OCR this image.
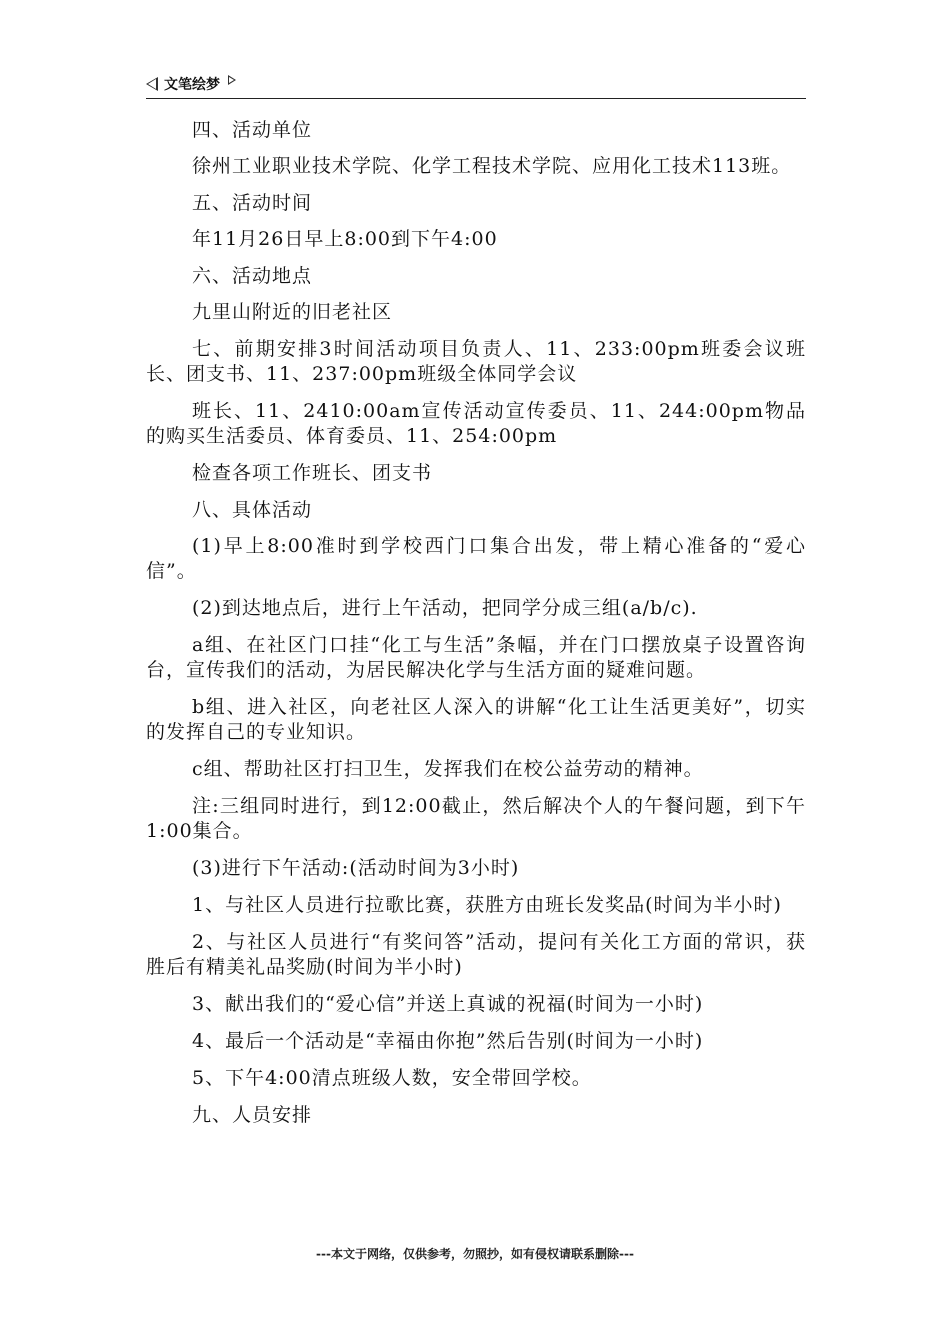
文笔绘梦

四、活动单位

徐州工业职业技术学院、化学工程技术学院、应用化工技术113班。

五、活动时间

年11月26日早上8:00到下午4:00

六、活动地点

九里山附近的旧老社区

七、前期安排3时间活动项目负责人、11、233:00pm班委会议班长、团支书、11、237:00pm班级全体同学会议

班长、11、2410:00am宣传活动宣传委员、11、244:00pm物品的购买生活委员、体育委员、11、254:00pm

检查各项工作班长、团支书

八、具体活动

(1)早上8:00准时到学校西门口集合出发，带上精心准备的“爱心信”。

(2)到达地点后，进行上午活动，把同学分成三组(a/b/c).

a组、在社区门口挂“化工与生活”条幅，并在门口摆放桌子设置咨询台，宣传我们的活动，为居民解决化学与生活方面的疑难问题。

b组、进入社区，向老社区人深入的讲解“化工让生活更美好”，切实的发挥自己的专业知识。

c组、帮助社区打扫卫生，发挥我们在校公益劳动的精神。

注:三组同时进行，到12:00截止，然后解决个人的午餐问题，到下午1:00集合。

(3)进行下午活动:(活动时间为3小时)

1、与社区人员进行拉歌比赛，获胜方由班长发奖品(时间为半小时)

2、与社区人员进行“有奖问答”活动，提问有关化工方面的常识，获胜后有精美礼品奖励(时间为半小时)

3、献出我们的“爱心信”并送上真诚的祝福(时间为一小时)

4、最后一个活动是“幸福由你抱”然后告别(时间为一小时)

5、下午4:00清点班级人数，安全带回学校。

九、人员安排

---本文于网络，仅供参考，勿照抄，如有侵权请联系删除---
